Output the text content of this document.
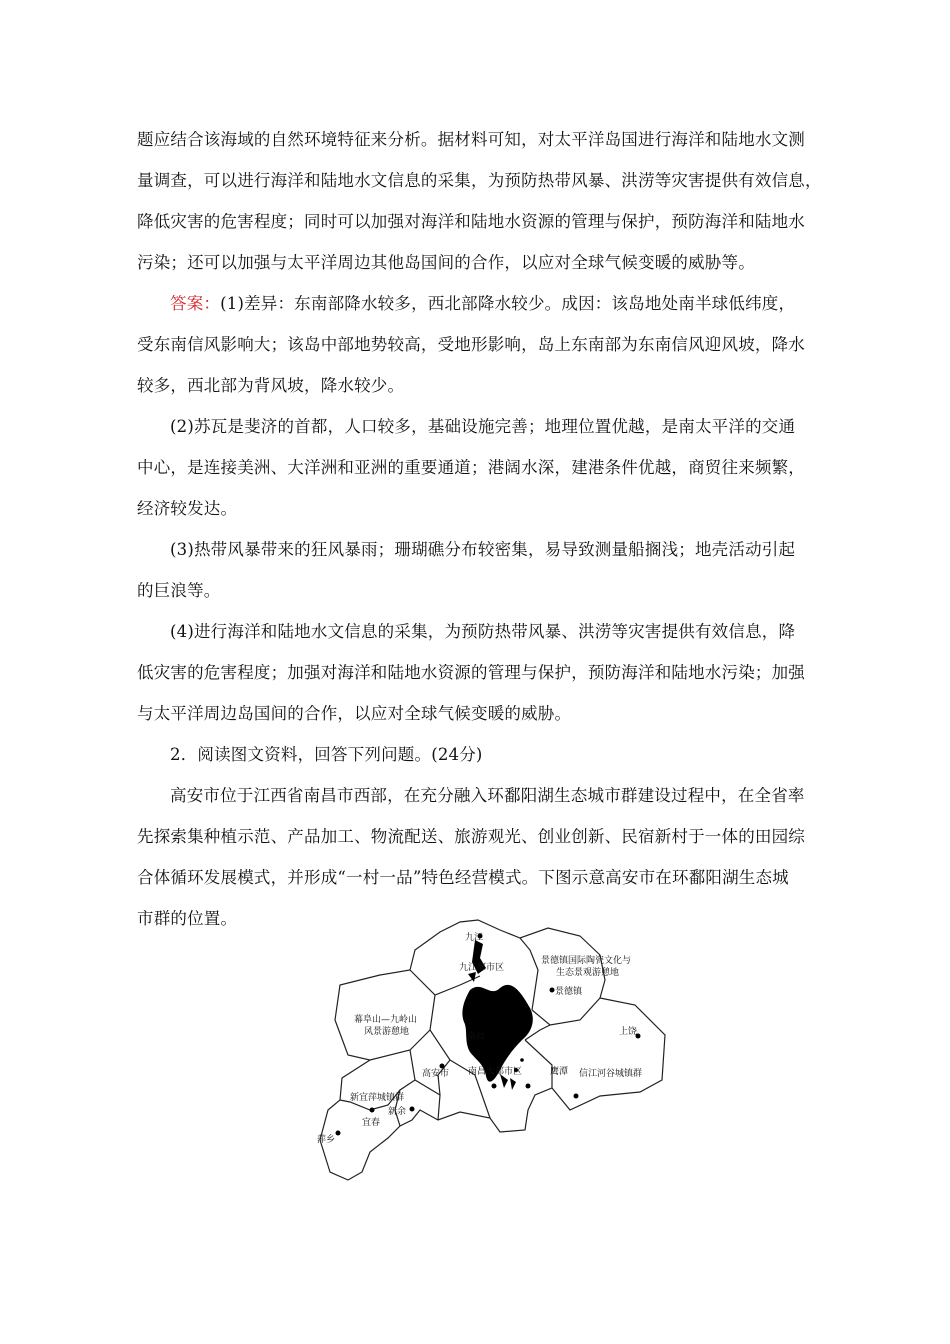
题应结合该海域的自然环境特征来分析。据材料可知，对太平洋岛国进行海洋和陆地水文测
量调查，可以进行海洋和陆地水文信息的采集，为预防热带风暴、洪涝等灾害提供有效信息，
降低灾害的危害程度；同时可以加强对海洋和陆地水资源的管理与保护，预防海洋和陆地水
污染；还可以加强与太平洋周边其他岛国间的合作，以应对全球气候变暖的威胁等。
答案：(1)差异：东南部降水较多，西北部降水较少。成因：该岛地处南半球低纬度，
受东南信风影响大；该岛中部地势较高，受地形影响，岛上东南部为东南信风迎风坡，降水
较多，西北部为背风坡，降水较少。
(2)苏瓦是斐济的首都，人口较多，基础设施完善；地理位置优越，是南太平洋的交通
中心，是连接美洲、大洋洲和亚洲的重要通道；港阔水深，建港条件优越，商贸往来频繁，
经济较发达。
(3)热带风暴带来的狂风暴雨；珊瑚礁分布较密集，易导致测量船搁浅；地壳活动引起
的巨浪等。
(4)进行海洋和陆地水文信息的采集，为预防热带风暴、洪涝等灾害提供有效信息，降
低灾害的危害程度；加强对海洋和陆地水资源的管理与保护，预防海洋和陆地水污染；加强
与太平洋周边岛国间的合作，以应对全球气候变暖的威胁。
2．阅读图文资料，回答下列问题。(24分)
高安市位于江西省南昌市西部，在充分融入环鄱阳湖生态城市群建设过程中，在全省率
先探索集种植示范、产品加工、物流配送、旅游观光、创业创新、民宿新村于一体的田园综
合体循环发展模式，并形成“一村一品”特色经营模式。下图示意高安市在环鄱阳湖生态城
市群的位置。
九江
九江都市区
景德镇国际陶瓷文化与
生态景观游憩地
景德镇
幕阜山—九岭山
风景游憩地	南昌	上饶
高安市 南昌大都市区	鹰潭 信江河谷城镇群
新宜萍城镇群
宜春
新余
萍乡
